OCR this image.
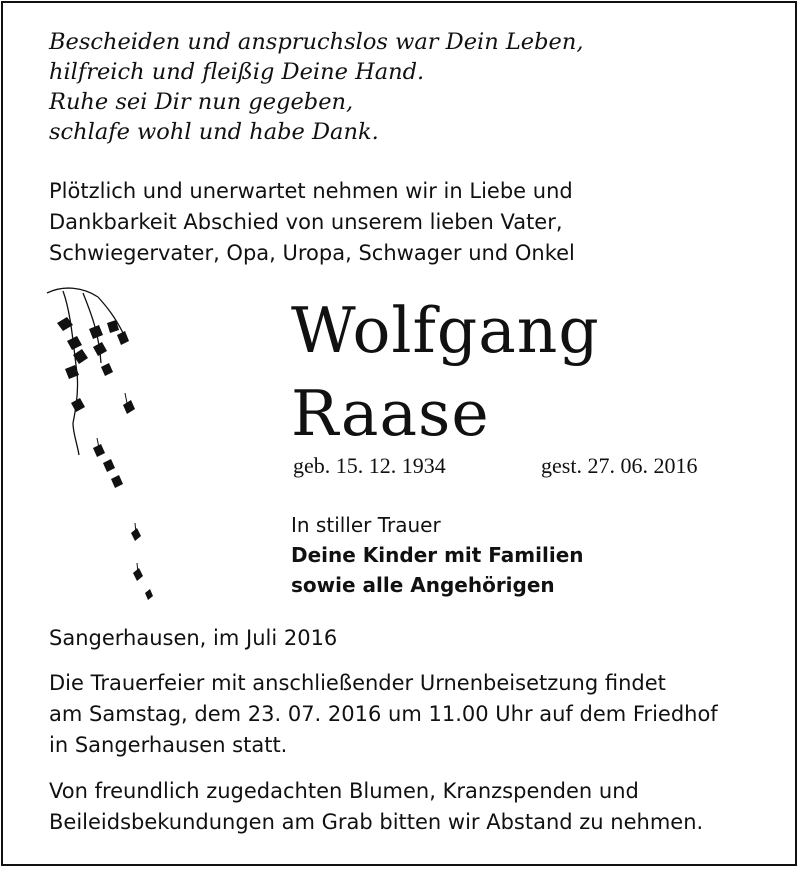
Bescheiden und anspruchslos war Dein Leben,
hilfreich und fleißig Deine Hand.
Ruhe sei Dir nun gegeben,
schlafe wohl und habe Dank.
Plötzlich und unerwartet nehmen wir in Liebe und
Dankbarkeit Abschied von unserem lieben Vater,
Schwiegervater, Opa, Uropa, Schwager und Onkel
Wolfgang
Raase
geb. 15. 12. 1934	gest. 27. 06. 2016
In stiller Trauer
Deine Kinder mit Familien
sowie alle Angehörigen
Sangerhausen, im Juli 2016
Die Trauerfeier mit anschließender Urnenbeisetzung findet
am Samstag, dem 23. 07. 2016 um 11.00 Uhr auf dem Friedhof
in Sangerhausen statt.
Von freundlich zugedachten Blumen, Kranzspenden und
Beileidsbekundungen am Grab bitten wir Abstand zu nehmen.
